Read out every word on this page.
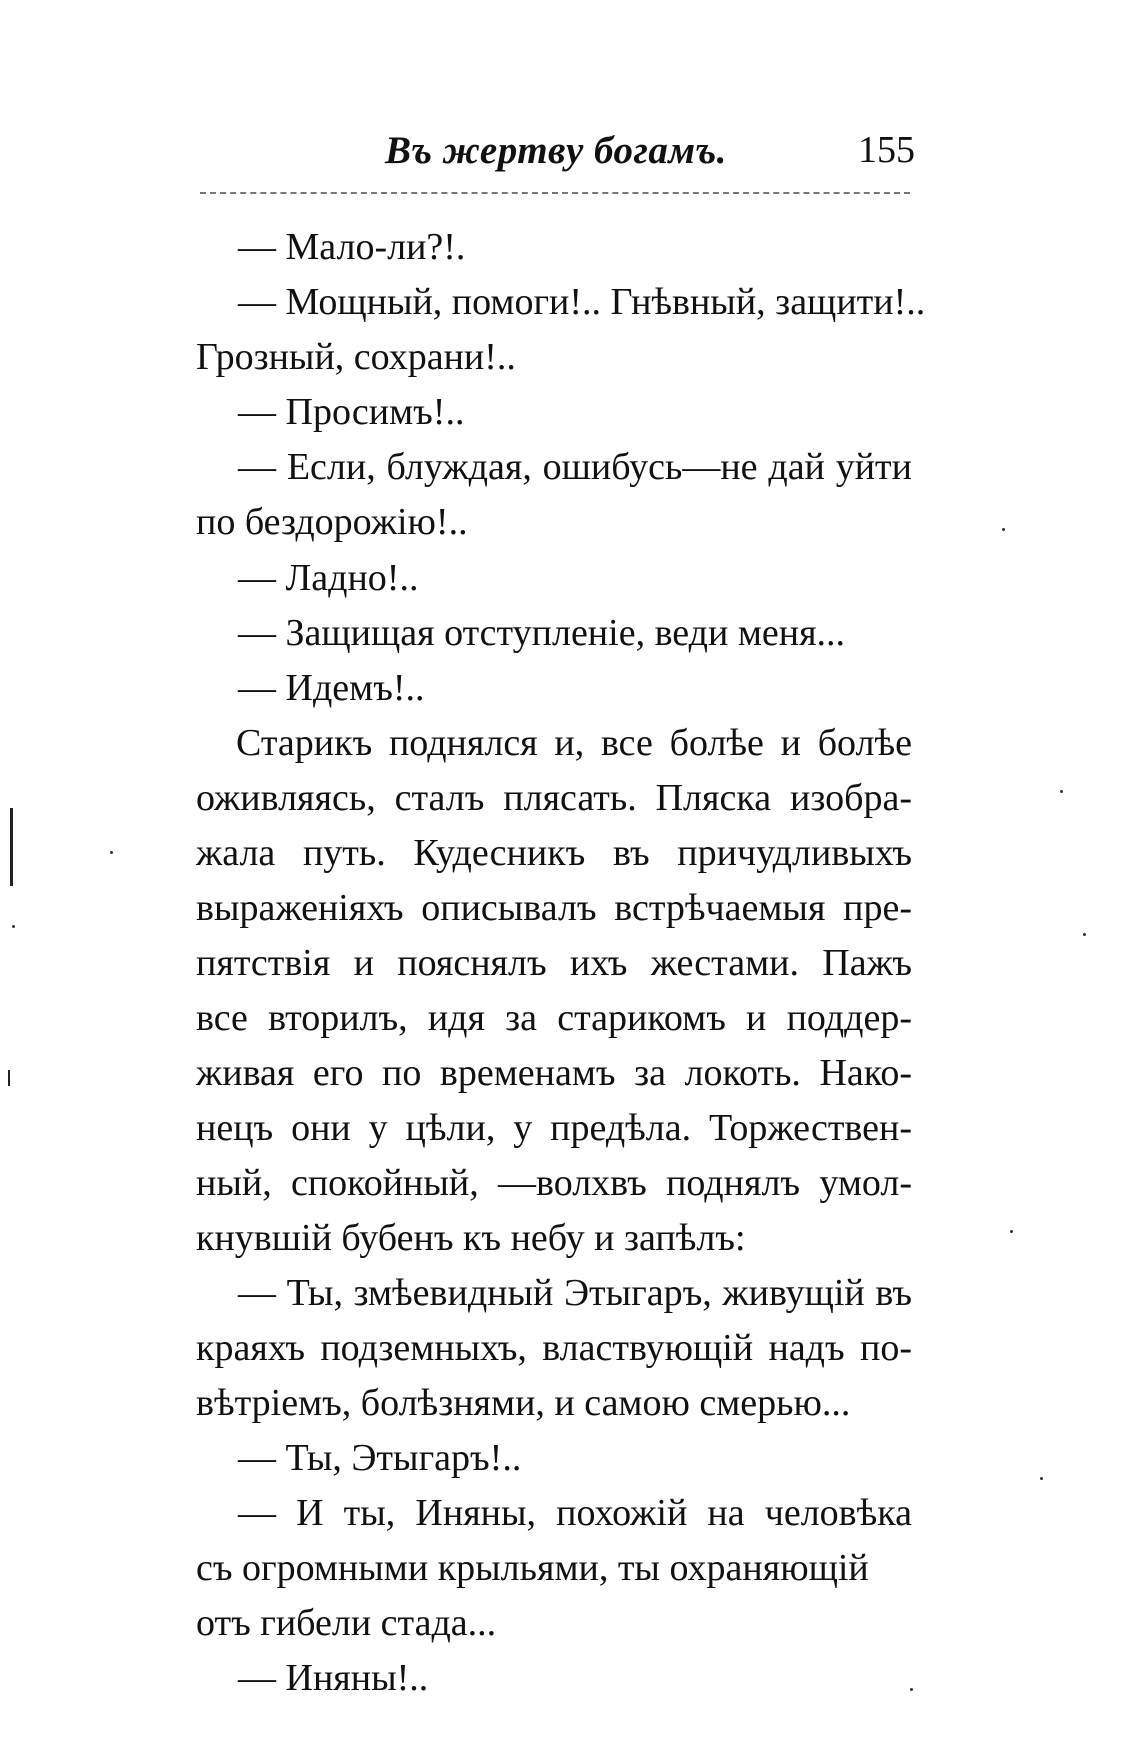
Въ жертву богамъ.	155
— Мало-ли?!.
— Мощный, помоги!.. Гнѣвный, защити!..
Грозный, сохрани!..
— Просимъ!..
— Если, блуждая, ошибусь—не дай уйти
по бездорожію!..
— Ладно!..
— Защищая отступленіе, веди меня...
— Идемъ!..
Старикъ поднялся и, все болѣе и болѣе
оживляясь, сталъ плясать. Пляска изобра-
жала путь. Кудесникъ въ причудливыхъ
выраженіяхъ описывалъ встрѣчаемыя пре-
пятствія и пояснялъ ихъ жестами. Пажъ
все вторилъ, идя за старикомъ и поддер-
живая его по временамъ за локоть. Нако-
нецъ они у цѣли, у предѣла. Торжествен-
ный, спокойный, —волхвъ поднялъ умол-
кнувшій бубенъ къ небу и запѣлъ:
— Ты, змѣевидный Этыгаръ, живущій въ
краяхъ подземныхъ, властвующій надъ по-
вѣтріемъ, болѣзнями, и самою смерью...
— Ты, Этыгаръ!..
— И ты, Иняны, похожій на человѣка
съ огромными крыльями, ты охраняющій
отъ гибели стада...
— Иняны!..
